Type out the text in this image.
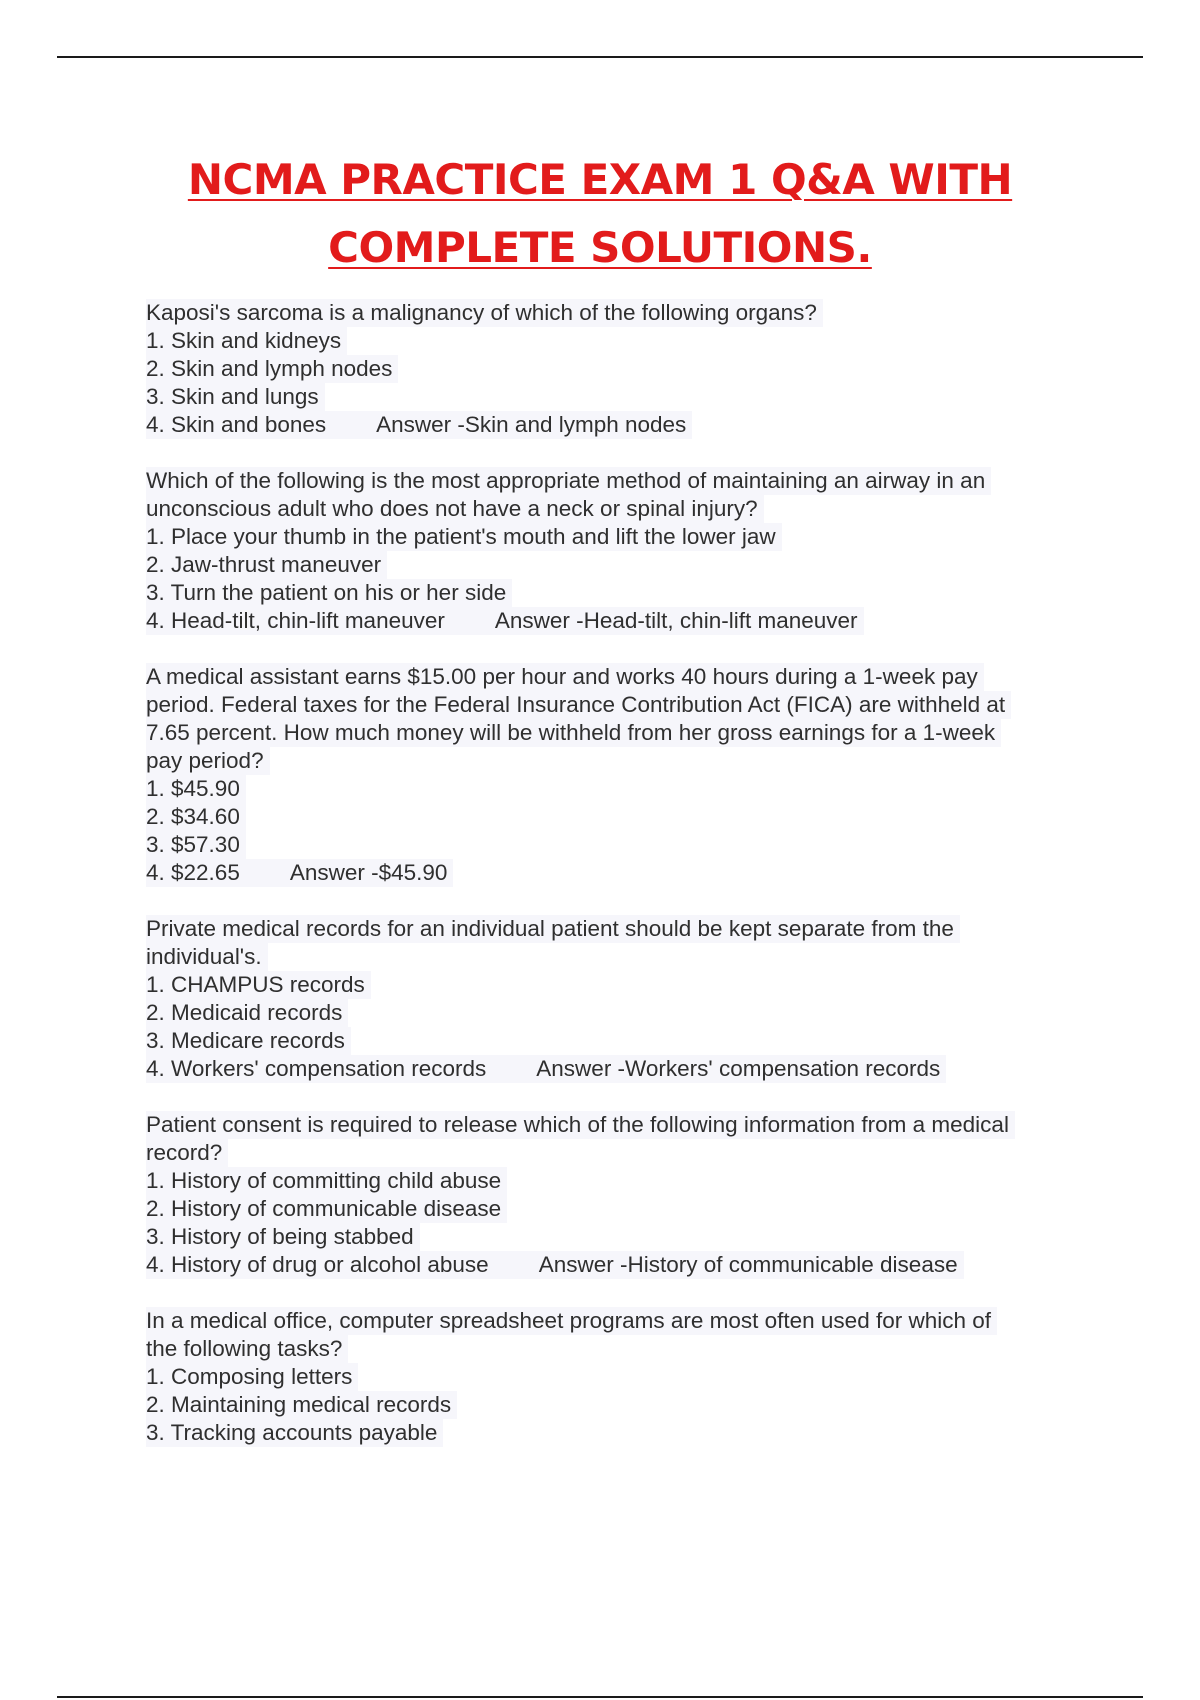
NCMA PRACTICE EXAM 1 Q&A WITH
COMPLETE SOLUTIONS.
Kaposi's sarcoma is a malignancy of which of the following organs?
1. Skin and kidneys
2. Skin and lymph nodes
3. Skin and lungs
4. Skin and bones Answer -Skin and lymph nodes
Which of the following is the most appropriate method of maintaining an airway in an
unconscious adult who does not have a neck or spinal injury?
1. Place your thumb in the patient's mouth and lift the lower jaw
2. Jaw-thrust maneuver
3. Turn the patient on his or her side
4. Head-tilt, chin-lift maneuver Answer -Head-tilt, chin-lift maneuver
A medical assistant earns $15.00 per hour and works 40 hours during a 1-week pay
period. Federal taxes for the Federal Insurance Contribution Act (FICA) are withheld at
7.65 percent. How much money will be withheld from her gross earnings for a 1-week
pay period?
1. $45.90
2. $34.60
3. $57.30
4. $22.65 Answer -$45.90
Private medical records for an individual patient should be kept separate from the
individual's.
1. CHAMPUS records
2. Medicaid records
3. Medicare records
4. Workers' compensation records Answer -Workers' compensation records
Patient consent is required to release which of the following information from a medical
record?
1. History of committing child abuse
2. History of communicable disease
3. History of being stabbed
4. History of drug or alcohol abuse Answer -History of communicable disease
In a medical office, computer spreadsheet programs are most often used for which of
the following tasks?
1. Composing letters
2. Maintaining medical records
3. Tracking accounts payable
